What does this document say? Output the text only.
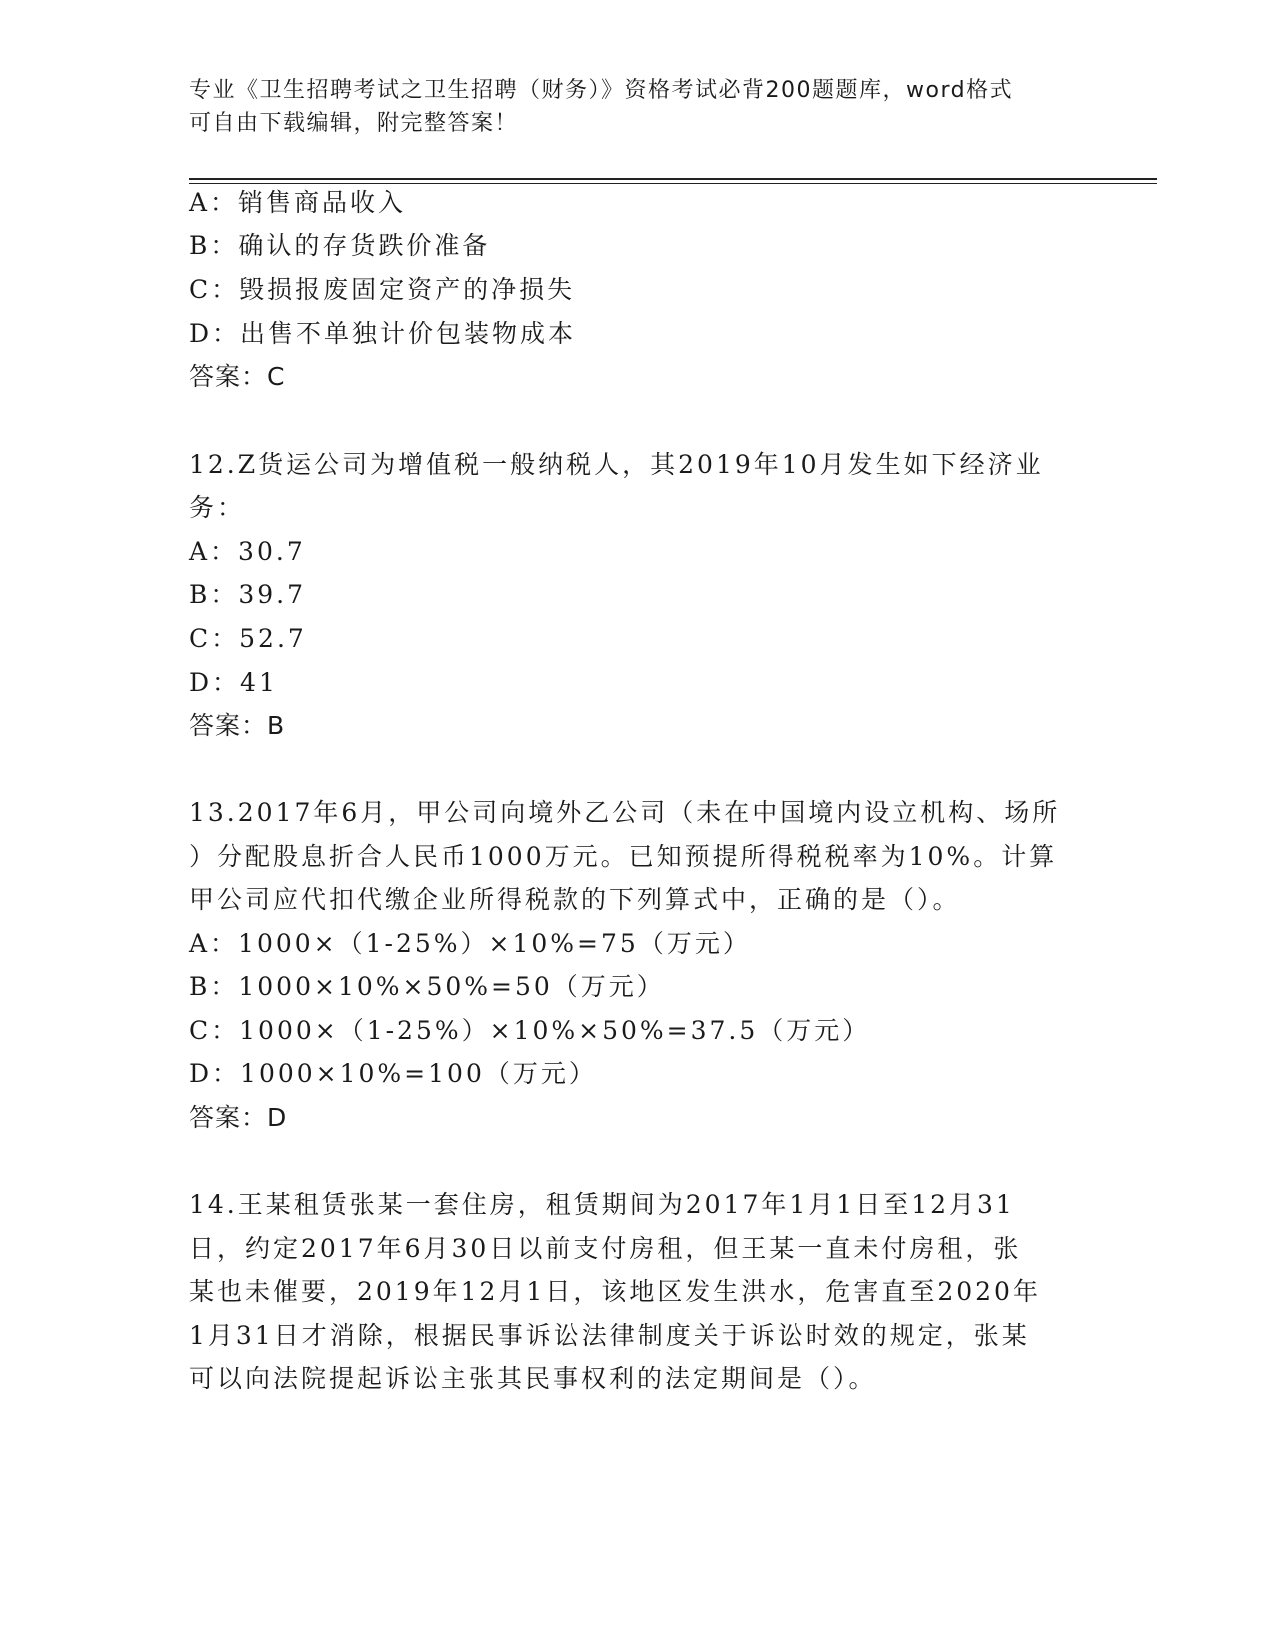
专业《卫生招聘考试之卫生招聘（财务）》资格考试必背200题题库，word格式
可自由下载编辑，附完整答案！
A：销售商品收入
B：确认的存货跌价准备
C：毁损报废固定资产的净损失
D：出售不单独计价包装物成本
答案：C
12.Z货运公司为增值税一般纳税人，其2019年10月发生如下经济业
务：
A：30.7
B：39.7
C：52.7
D：41
答案：B
13.2017年6月，甲公司向境外乙公司（未在中国境内设立机构、场所
）分配股息折合人民币1000万元。已知预提所得税税率为10%。计算
甲公司应代扣代缴企业所得税款的下列算式中，正确的是（）。
A：1000×（1-25%）×10%=75（万元）
B：1000×10%×50%=50（万元）
C：1000×（1-25%）×10%×50%=37.5（万元）
D：1000×10%=100（万元）
答案：D
14.王某租赁张某一套住房，租赁期间为2017年1月1日至12月31
日，约定2017年6月30日以前支付房租，但王某一直未付房租，张
某也未催要，2019年12月1日，该地区发生洪水，危害直至2020年
1月31日才消除，根据民事诉讼法律制度关于诉讼时效的规定，张某
可以向法院提起诉讼主张其民事权利的法定期间是（）。
